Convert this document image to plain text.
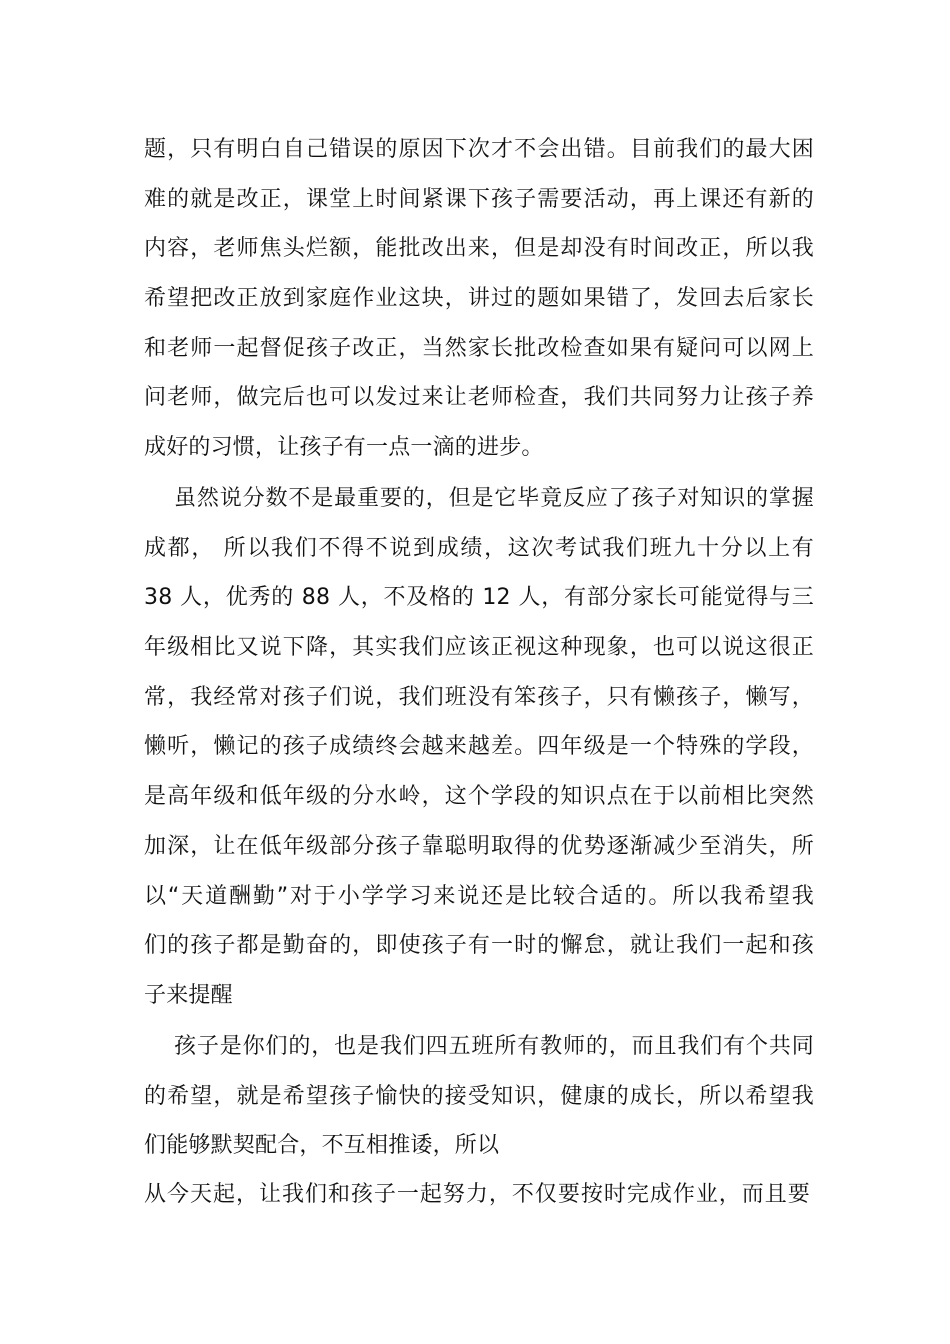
题，只有明白自己错误的原因下次才不会出错。目前我们的最大困
难的就是改正，课堂上时间紧课下孩子需要活动，再上课还有新的
内容，老师焦头烂额，能批改出来，但是却没有时间改正，所以我
希望把改正放到家庭作业这块，讲过的题如果错了，发回去后家长
和老师一起督促孩子改正，当然家长批改检查如果有疑问可以网上
问老师，做完后也可以发过来让老师检查，我们共同努力让孩子养
成好的习惯，让孩子有一点一滴的进步。
虽然说分数不是最重要的，但是它毕竟反应了孩子对知识的掌握
成都， 所以我们不得不说到成绩，这次考试我们班九十分以上有
38 人，优秀的 88 人，不及格的 12 人，有部分家长可能觉得与三
年级相比又说下降，其实我们应该正视这种现象，也可以说这很正
常，我经常对孩子们说，我们班没有笨孩子，只有懒孩子，懒写，
懒听，懒记的孩子成绩终会越来越差。四年级是一个特殊的学段，
是高年级和低年级的分水岭，这个学段的知识点在于以前相比突然
加深，让在低年级部分孩子靠聪明取得的优势逐渐减少至消失，所
以“天道酬勤”对于小学学习来说还是比较合适的。所以我希望我
们的孩子都是勤奋的，即使孩子有一时的懈怠，就让我们一起和孩
子来提醒
孩子是你们的，也是我们四五班所有教师的，而且我们有个共同
的希望，就是希望孩子愉快的接受知识，健康的成长，所以希望我
们能够默契配合，不互相推诿，所以
从今天起，让我们和孩子一起努力，不仅要按时完成作业，而且要
